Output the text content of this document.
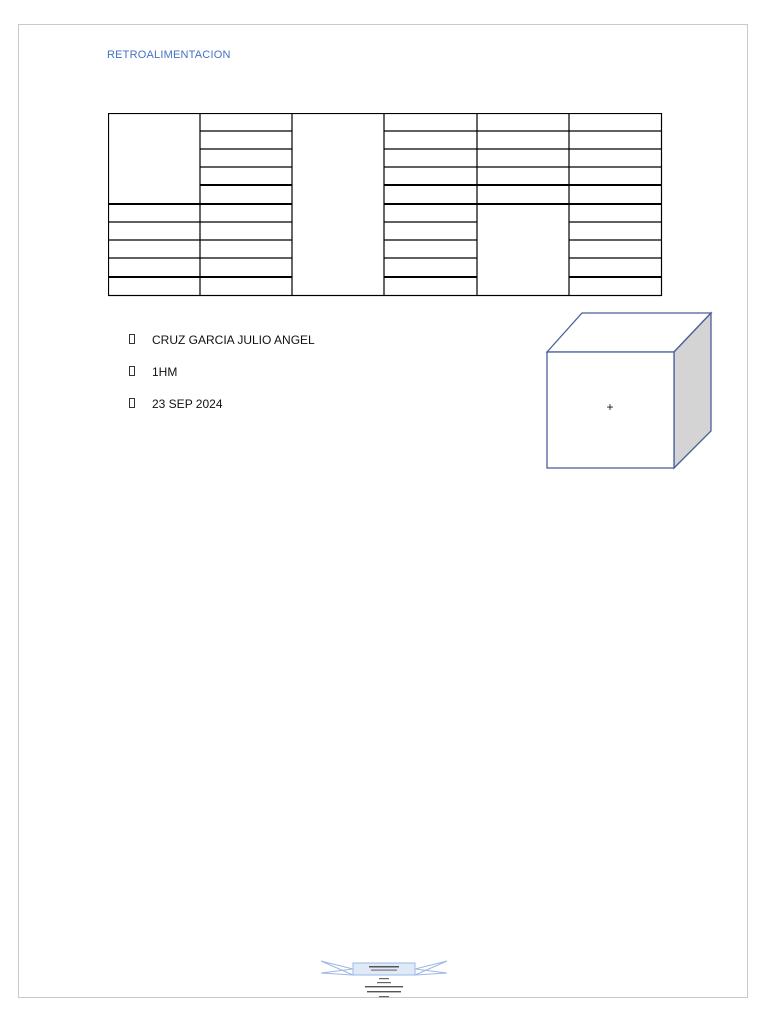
RETROALIMENTACION
CRUZ GARCIA JULIO ANGEL
1HM
23 SEP 2024	+
